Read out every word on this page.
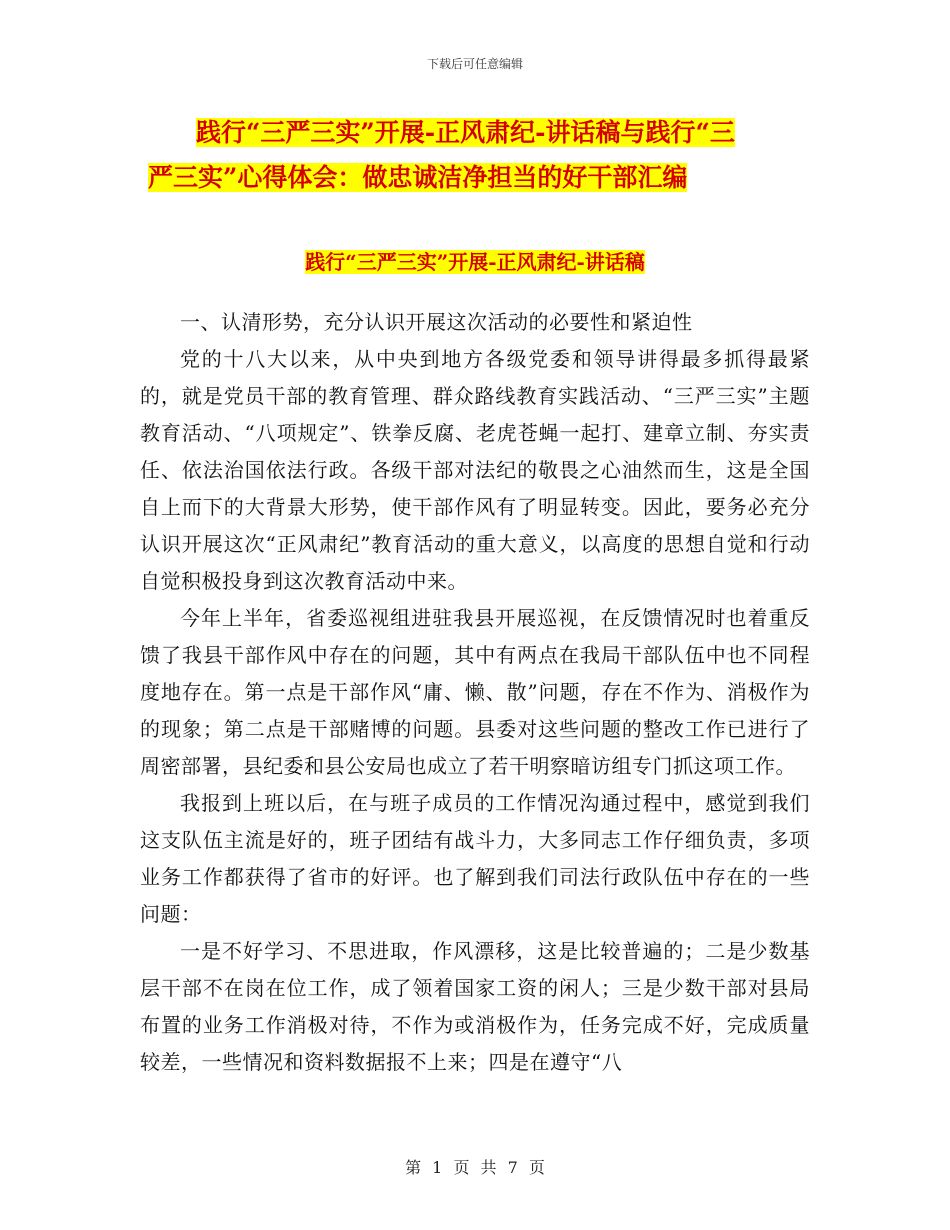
下载后可任意编辑
践行“三严三实”开展-正风肃纪-讲话稿与践行“三
严三实”心得体会：做忠诚洁净担当的好干部汇编
践行“三严三实”开展-正风肃纪-讲话稿

一、认清形势，充分认识开展这次活动的必要性和紧迫性

党的十八大以来，从中央到地方各级党委和领导讲得最多抓得最紧的，就是党员干部的教育管理、群众路线教育实践活动、“三严三实”主题教育活动、“八项规定”、铁拳反腐、老虎苍蝇一起打、建章立制、夯实责任、依法治国依法行政。各级干部对法纪的敬畏之心油然而生，这是全国自上而下的大背景大形势，使干部作风有了明显转变。因此，要务必充分认识开展这次“正风肃纪”教育活动的重大意义，以高度的思想自觉和行动自觉积极投身到这次教育活动中来。

今年上半年，省委巡视组进驻我县开展巡视，在反馈情况时也着重反馈了我县干部作风中存在的问题，其中有两点在我局干部队伍中也不同程度地存在。第一点是干部作风“庸、懒、散”问题，存在不作为、消极作为的现象；第二点是干部赌博的问题。县委对这些问题的整改工作已进行了周密部署，县纪委和县公安局也成立了若干明察暗访组专门抓这项工作。

我报到上班以后，在与班子成员的工作情况沟通过程中，感觉到我们这支队伍主流是好的，班子团结有战斗力，大多同志工作仔细负责，多项业务工作都获得了省市的好评。也了解到我们司法行政队伍中存在的一些问题：

一是不好学习、不思进取，作风漂移，这是比较普遍的；二是少数基层干部不在岗在位工作，成了领着国家工资的闲人；三是少数干部对县局布置的业务工作消极对待，不作为或消极作为，任务完成不好，完成质量较差，一些情况和资料数据报不上来；四是在遵守“八

第 1 页 共 7 页
